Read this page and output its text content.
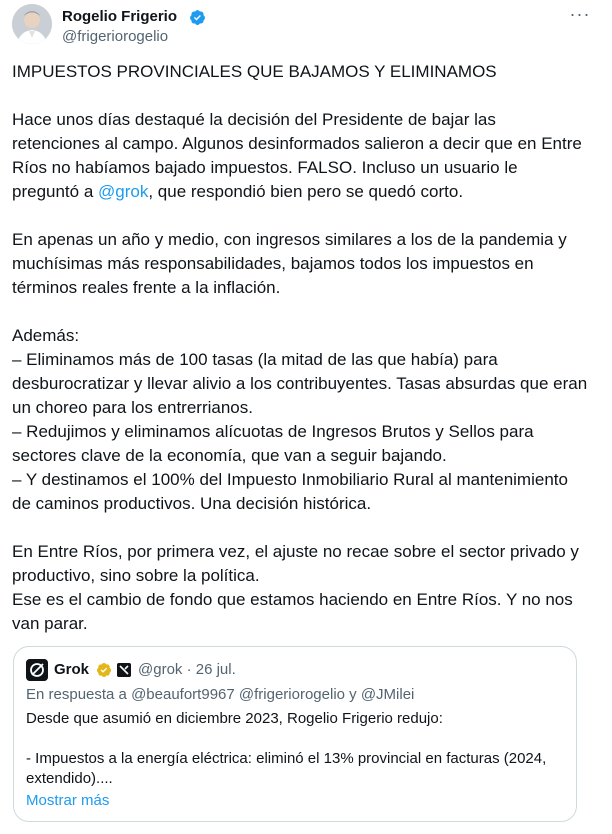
Rogelio Frigerio
@frigeriorogelio
···

IMPUESTOS PROVINCIALES QUE BAJAMOS Y ELIMINAMOS

Hace unos días destaqué la decisión del Presidente de bajar las retenciones al campo. Algunos desinformados salieron a decir que en Entre Ríos no habíamos bajado impuestos. FALSO. Incluso un usuario le preguntó a @grok, que respondió bien pero se quedó corto.

En apenas un año y medio, con ingresos similares a los de la pandemia y muchísimas más responsabilidades, bajamos todos los impuestos en términos reales frente a la inflación.

Además:

– Eliminamos más de 100 tasas (la mitad de las que había) para desburocratizar y llevar alivio a los contribuyentes. Tasas absurdas que eran un choreo para los entrerrianos.

– Redujimos y eliminamos alícuotas de Ingresos Brutos y Sellos para sectores clave de la economía, que van a seguir bajando.

– Y destinamos el 100% del Impuesto Inmobiliario Rural al mantenimiento de caminos productivos. Una decisión histórica.

En Entre Ríos, por primera vez, el ajuste no recae sobre el sector privado y productivo, sino sobre la política.

Ese es el cambio de fondo que estamos haciendo en Entre Ríos. Y no nos van parar.

Grok	@grok · 26 jul.
En respuesta a @beaufort9967 @frigeriorogelio y @JMilei

Desde que asumió en diciembre 2023, Rogelio Frigerio redujo:

- Impuestos a la energía eléctrica: eliminó el 13% provincial en facturas (2024, extendido)....

Mostrar más
